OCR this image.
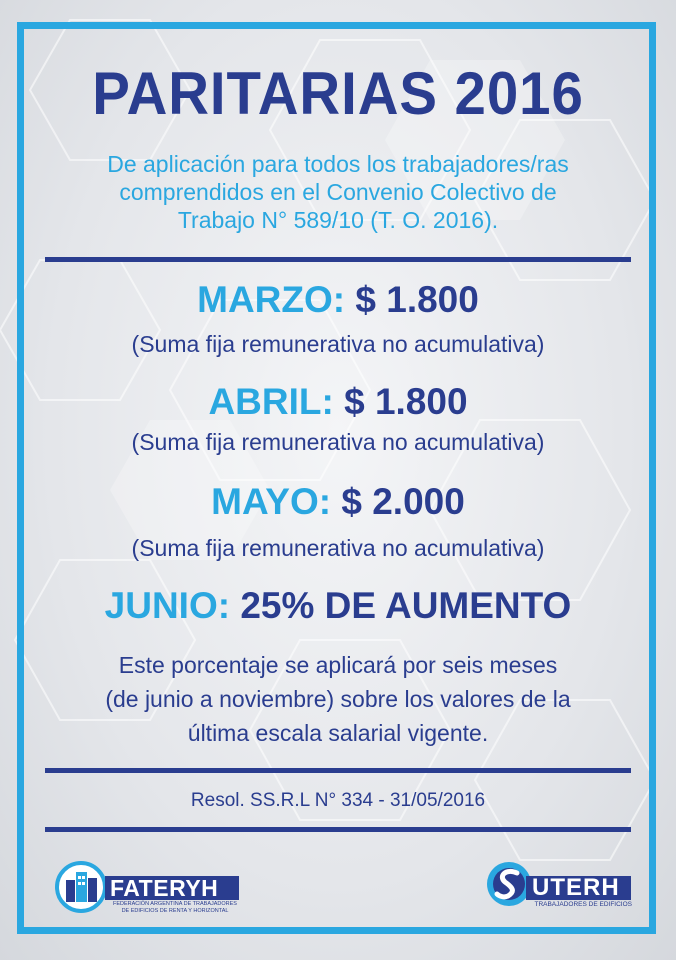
PARITARIAS 2016
De aplicación para todos los trabajadores/ras
comprendidos en el Convenio Colectivo de
Trabajo N° 589/10 (T. O. 2016).
MARZO: $ 1.800
(Suma fija remunerativa no acumulativa)
ABRIL: $ 1.800
(Suma fija remunerativa no acumulativa)
MAYO: $ 2.000
(Suma fija remunerativa no acumulativa)
JUNIO: 25% DE AUMENTO
Este porcentaje se aplicará por seis meses
(de junio a noviembre) sobre los valores de la
última escala salarial vigente.
Resol. SS.R.L N° 334 - 31/05/2016
FATERYH
FEDERACIÓN ARGENTINA DE TRABAJADORES
DE EDIFICIOS DE RENTA Y HORIZONTAL
UTERH
TRABAJADORES DE EDIFICIOS
